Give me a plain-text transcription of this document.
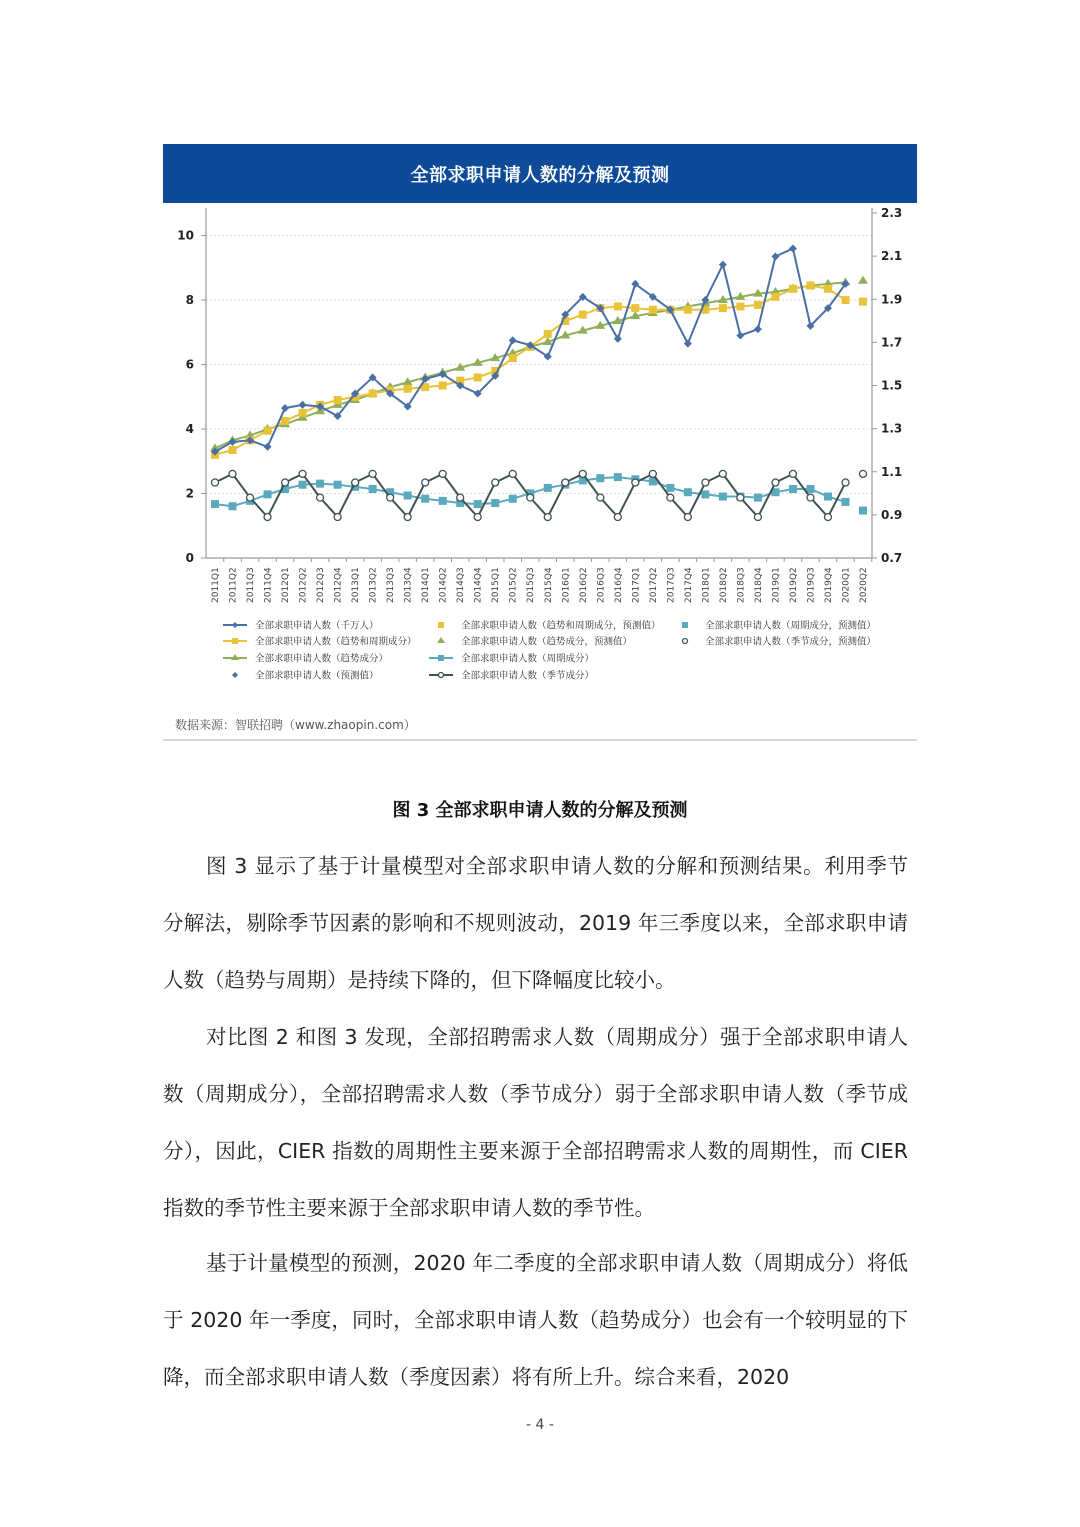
全部求职申请人数的分解及预测
0
2
4
6
8
10
0.7
0.9
1.1
1.3
1.5
1.7
1.9
2.1
2.3
2011Q1 2011Q2 2011Q3 2011Q4 2012Q1 2012Q2 2012Q3 2012Q4 2013Q1 2013Q2 2013Q3 2013Q4 2014Q1 2014Q2 2014Q3 2014Q4 2015Q1 2015Q2 2015Q3 2015Q4 2016Q1 2016Q2 2016Q3 2016Q4 2017Q1 2017Q2 2017Q3 2017Q4 2018Q1 2018Q2 2018Q3 2018Q4 2019Q1 2019Q2 2019Q3 2019Q4 2020Q1 2020Q2
全部求职申请人数（千万人）
全部求职申请人数（趋势和周期成分）
全部求职申请人数（趋势成分）
全部求职申请人数（预测值）
全部求职申请人数（趋势和周期成分，预测值）
全部求职申请人数（趋势成分，预测值）
全部求职申请人数（周期成分）
全部求职申请人数（季节成分）
全部求职申请人数（周期成分，预测值）
全部求职申请人数（季节成分，预测值）
数据来源：智联招聘（www.zhaopin.com）
图 3 全部求职申请人数的分解及预测

图 3 显示了基于计量模型对全部求职申请人数的分解和预测结果。利用季节分解法，剔除季节因素的影响和不规则波动，2019 年三季度以来，全部求职申请人数（趋势与周期）是持续下降的，但下降幅度比较小。

对比图 2 和图 3 发现，全部招聘需求人数（周期成分）强于全部求职申请人数（周期成分），全部招聘需求人数（季节成分）弱于全部求职申请人数（季节成分），因此，CIER 指数的周期性主要来源于全部招聘需求人数的周期性，而 CIER 指数的季节性主要来源于全部求职申请人数的季节性。

基于计量模型的预测，2020 年二季度的全部求职申请人数（周期成分）将低于 2020 年一季度，同时，全部求职申请人数（趋势成分）也会有一个较明显的下降，而全部求职申请人数（季度因素）将有所上升。综合来看，2020

- 4 -
